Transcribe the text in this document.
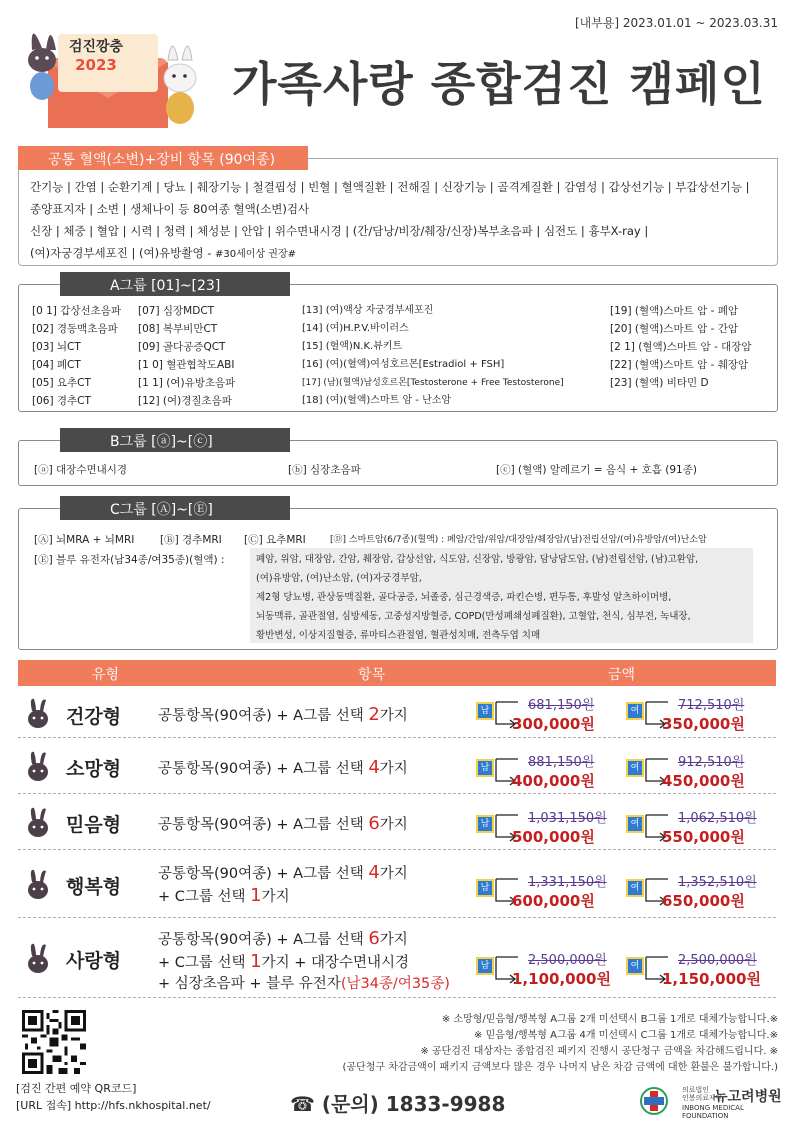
검진깡충
2023
[내부용] 2023.01.01 ~ 2023.03.31
가족사랑 종합검진 캠페인
공통 혈액(소변)+장비 항목 (90여종)
간기능 | 간염 | 순환기계 | 당뇨 | 췌장기능 | 철결핍성 | 빈혈 | 혈액질환 | 전해질 | 신장기능 | 골격계질환 | 감염성 | 갑상선기능 | 부갑상선기능 |
종양표지자 | 소변 | 생체나이 등 80여종 혈액(소변)검사
신장 | 체중 | 혈압 | 시력 | 청력 | 체성분 | 안압 | 위수면내시경 | (간/담낭/비장/췌장/신장)복부초음파 | 심전도 | 흉부X-ray |
(여)자궁경부세포진 | (여)유방촬영 - #30세이상 권장#
A그룹 [01]~[23]
[0 1] 갑상선초음파
[02] 경동맥초음파
[03] 뇌CT
[04] 폐CT
[05] 요추CT
[06] 경추CT
[07] 심장MDCT
[08] 복부비만CT
[09] 골다공증QCT
[1 0] 혈관협착도ABI
[1 1] (여)유방초음파
[12] (여)경질초음파
[13] (여)액상 자궁경부세포진
[14] (여)H.P.V.바이러스
[15] (혈액)N.K.뷰키트
[16] (여)(혈액)여성호르몬[Estradiol + FSH]
[17] (남)(혈액)남성호르몬[Testosterone + Free Testosterone]
[18] (여)(혈액)스마트 암 - 난소암
[19] (혈액)스마트 암 - 폐암
[20] (혈액)스마트 암 - 간암
[2 1] (혈액)스마트 암 - 대장암
[22] (혈액)스마트 암 - 췌장암
[23] (혈액) 비타민 D
B그룹 [ⓐ]~[ⓒ]
[ⓐ] 대장수면내시경	[ⓑ] 심장초음파	[ⓒ] (혈액) 알레르기 = 음식 + 호흡 (91종)
C그룹 [Ⓐ]~[Ⓔ]
[Ⓐ] 뇌MRA + 뇌MRI [Ⓑ] 경추MRI [Ⓒ] 요추MRI	[Ⓓ] 스마트암(6/7종)(혈액) : 폐암/간암/위암/대장암/췌장암/(남)전립선암/(여)유방암/(여)난소암
[Ⓔ] 블루 유전자(남34종/여35종)(혈액) :	폐암, 위암, 대장암, 간암, 췌장암, 갑상선암, 식도암, 신장암, 방광암, 담낭담도암, (남)전립선암, (남)고환암,
(여)유방암, (여)난소암, (여)자궁경부암,
제2형 당뇨병, 관상동맥질환, 골다공증, 뇌졸중, 심근경색증, 파킨슨병, 편두통, 후발성 알츠하이머병,
뇌동맥류, 골관절염, 심방세동, 고중성지방혈증, COPD(만성폐쇄성폐질환), 고혈압, 천식, 심부전, 녹내장,
황반변성, 이상지질혈증, 류마티스관절염, 혈관성치매, 전측두엽 치매
유형	항목	금액
건강형	공통항목(90여종) + A그룹 선택 2가지	남	681,150원
300,000원
여	712,510원
350,000원
소망형	공통항목(90여종) + A그룹 선택 4가지	남	881,150원
400,000원
여	912,510원
450,000원
믿음형	공통항목(90여종) + A그룹 선택 6가지	남	1,031,150원
500,000원
여	1,062,510원
550,000원
행복형
공통항목(90여종) + A그룹 선택 4가지
+ C그룹 선택 1가지
남	1,331,150원
600,000원
여	1,352,510원
650,000원
사랑형
공통항목(90여종) + A그룹 선택 6가지
+ C그룹 선택 1가지 + 대장수면내시경
+ 심장초음파 + 블루 유전자(남34종/여35종)
남	2,500,000원
1,100,000원
여	2,500,000원
1,150,000원
[검진 간편 예약 QR코드]
[URL 접속] http://hfs.nkhospital.net/
※ 소망형/믿음형/행복형 A그룹 2개 미선택시 B그룹 1개로 대체가능합니다.※
※ 믿음형/행복형 A그룹 4개 미선택시 C그룹 1개로 대체가능합니다.※
※ 공단검진 대상자는 종합검진 패키지 진행시 공단청구 금액을 차감해드립니다. ※
(공단청구 차감금액이 패키지 금액보다 많은 경우 나머지 남은 차감 금액에 대한 환불은 불가합니다.)
☎ (문의) 1833-9988
의료법인
인봉의료재단
뉴고려병원
INBONG MEDICAL FOUNDATION
